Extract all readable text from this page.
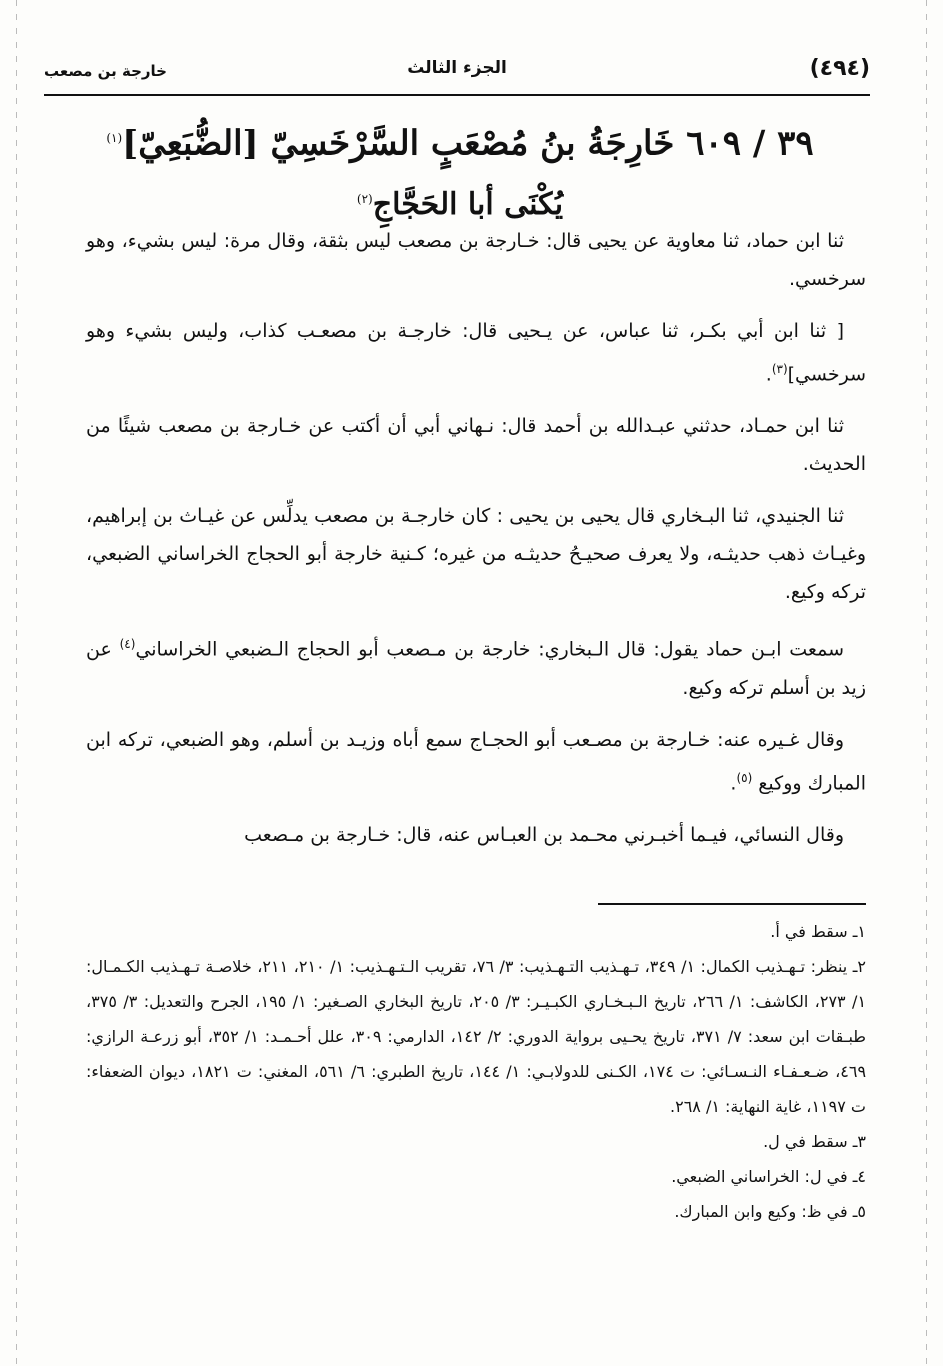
(٤٩٤)
الجزء الثالث
خارجة بن مصعب
٣٩ / ٦٠٩ خَارِجَةُ بنُ مُصْعَبٍ السَّرْخَسِيّ [الضُّبَعِيّ]$^{(١)}$
يُكْنَى أبا الحَجَّاجِ$^{(٢)}$

ثنا ابن حماد، ثنا معاوية عن يحيى قال: خـارجة بن مصعب ليس بثقة، وقال مرة: ليس بشيء، وهو سرخسي.

[ ثنا ابن أبي بكـر، ثنا عباس، عن يـحيى قال: خارجـة بن مصعـب كذاب، وليس بشيء وهو سرخسي]$^{(٣)}$.

ثنا ابن حمـاد، حدثني عبـدالله بن أحمد قال: نـهاني أبي أن أكتب عن خـارجة بن مصعب شيئًا من الحديث.

ثنا الجنيدي، ثنا البـخاري قال يحيى بن يحيى : كان خارجـة بن مصعب يدلِّس عن غيـاث بن إبراهيم، وغيـاث ذهب حديثـه، ولا يعرف صحيـحُ حديثـه من غيره؛ كـنية خارجة أبو الحجاج الخراساني الضبعي، تركه وكيع.

سمعت ابـن حماد يقول: قال الـبخاري: خارجة بن مـصعب أبو الحجاج الـضبعي الخراساني$^{(٤)}$ عن زيد بن أسلم تركه وكيع.

وقال غـيره عنه: خـارجة بن مصـعب أبو الحجـاج سمع أباه وزيـد بن أسلم، وهو الضبعي، تركه ابن المبارك ووكيع $^{(٥)}$.

وقال النسائي، فيـما أخبـرني محـمد بن العبـاس عنه، قال: خـارجة بن مـصعب

١ـ سقط في أ.

٢ـ ينظر: تـهـذيب الكمال: ١/ ٣٤٩، تـهـذيب التـهـذيب: ٣/ ٧٦، تقريب الـتـهـذيب: ١/ ٢١٠، ٢١١، خلاصـة تـهـذيب الكـمـال: ١/ ٢٧٣، الكاشف: ١/ ٢٦٦، تاريخ الـبـخـاري الكبـيـر: ٣/ ٢٠٥، تاريخ البخاري الصـغير: ١/ ١٩٥، الجرح والتعديل: ٣/ ٣٧٥، طبـقات ابن سعد: ٧/ ٣٧١، تاريخ يحـيى برواية الدوري: ٢/ ١٤٢، الدارمي: ٣٠٩، علل أحـمـد: ١/ ٣٥٢، أبو زرعـة الرازي: ٤٦٩، ضـعـفـاء النـسـائي: ت ١٧٤، الكـنى للدولابـي: ١/ ١٤٤، تاريخ الطبري: ٦/ ٥٦١، المغني: ت ١٨٢١، ديوان الضعفاء: ت ١١٩٧، غاية النهاية: ١/ ٢٦٨.

٣ـ سقط في ل.

٤ـ في ل: الخراساني الضبعي.

٥ـ في ظ: وكيع وابن المبارك.
